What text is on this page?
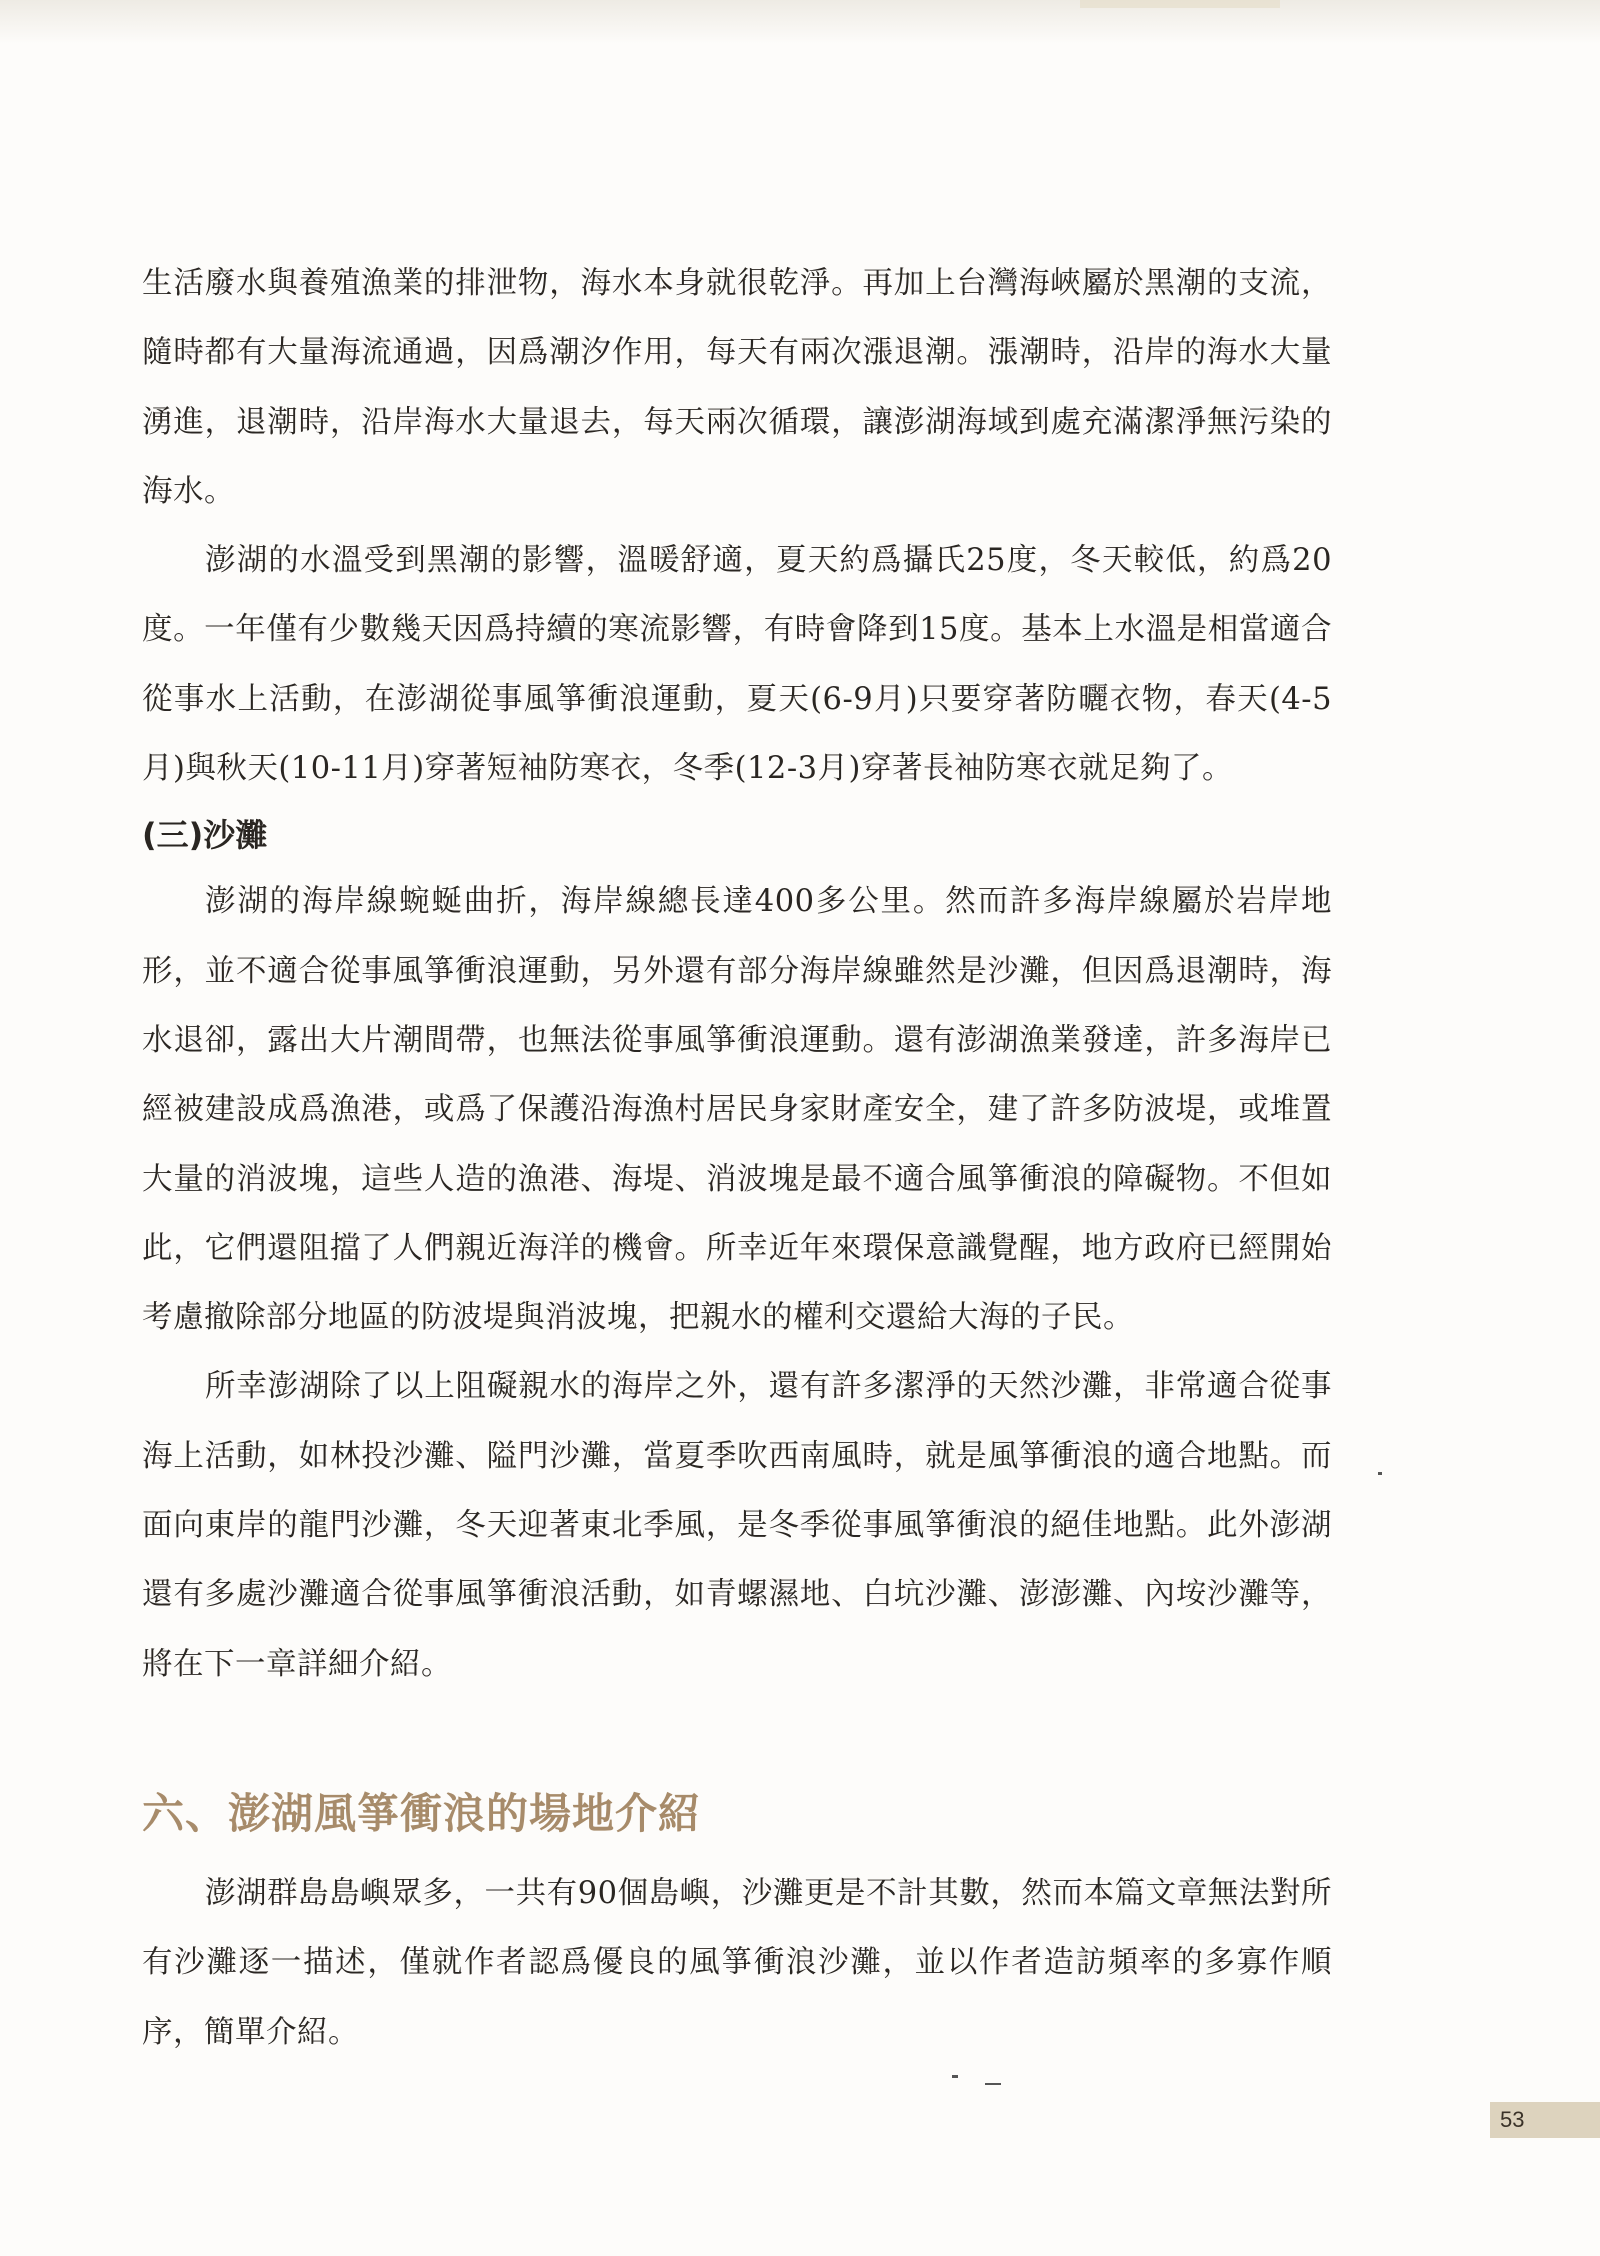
生活廢水與養殖漁業的排泄物，海水本身就很乾淨。再加上台灣海峽屬於黑潮的支流，隨時都有大量海流通過，因爲潮汐作用，每天有兩次漲退潮。漲潮時，沿岸的海水大量湧進，退潮時，沿岸海水大量退去，每天兩次循環，讓澎湖海域到處充滿潔淨無污染的海水。

澎湖的水溫受到黑潮的影響，溫暖舒適，夏天約爲攝氏25度，冬天較低，約爲20度。一年僅有少數幾天因爲持續的寒流影響，有時會降到15度。基本上水溫是相當適合從事水上活動，在澎湖從事風箏衝浪運動，夏天(6-9月)只要穿著防曬衣物，春天(4-5月)與秋天(10-11月)穿著短袖防寒衣，冬季(12-3月)穿著長袖防寒衣就足夠了。

(三)沙灘

澎湖的海岸線蜿蜒曲折，海岸線總長達400多公里。然而許多海岸線屬於岩岸地形，並不適合從事風箏衝浪運動，另外還有部分海岸線雖然是沙灘，但因爲退潮時，海水退卻，露出大片潮間帶，也無法從事風箏衝浪運動。還有澎湖漁業發達，許多海岸已經被建設成爲漁港，或爲了保護沿海漁村居民身家財產安全，建了許多防波堤，或堆置大量的消波塊，這些人造的漁港、海堤、消波塊是最不適合風箏衝浪的障礙物。不但如此，它們還阻擋了人們親近海洋的機會。所幸近年來環保意識覺醒，地方政府已經開始考慮撤除部分地區的防波堤與消波塊，把親水的權利交還給大海的子民。

所幸澎湖除了以上阻礙親水的海岸之外，還有許多潔淨的天然沙灘，非常適合從事海上活動，如林投沙灘、隘門沙灘，當夏季吹西南風時，就是風箏衝浪的適合地點。而面向東岸的龍門沙灘，冬天迎著東北季風，是冬季從事風箏衝浪的絕佳地點。此外澎湖還有多處沙灘適合從事風箏衝浪活動，如青螺濕地、白坑沙灘、澎澎灘、內垵沙灘等，將在下一章詳細介紹。

六、澎湖風箏衝浪的場地介紹

澎湖群島島嶼眾多，一共有90個島嶼，沙灘更是不計其數，然而本篇文章無法對所有沙灘逐一描述，僅就作者認爲優良的風箏衝浪沙灘，並以作者造訪頻率的多寡作順序，簡單介紹。

53
